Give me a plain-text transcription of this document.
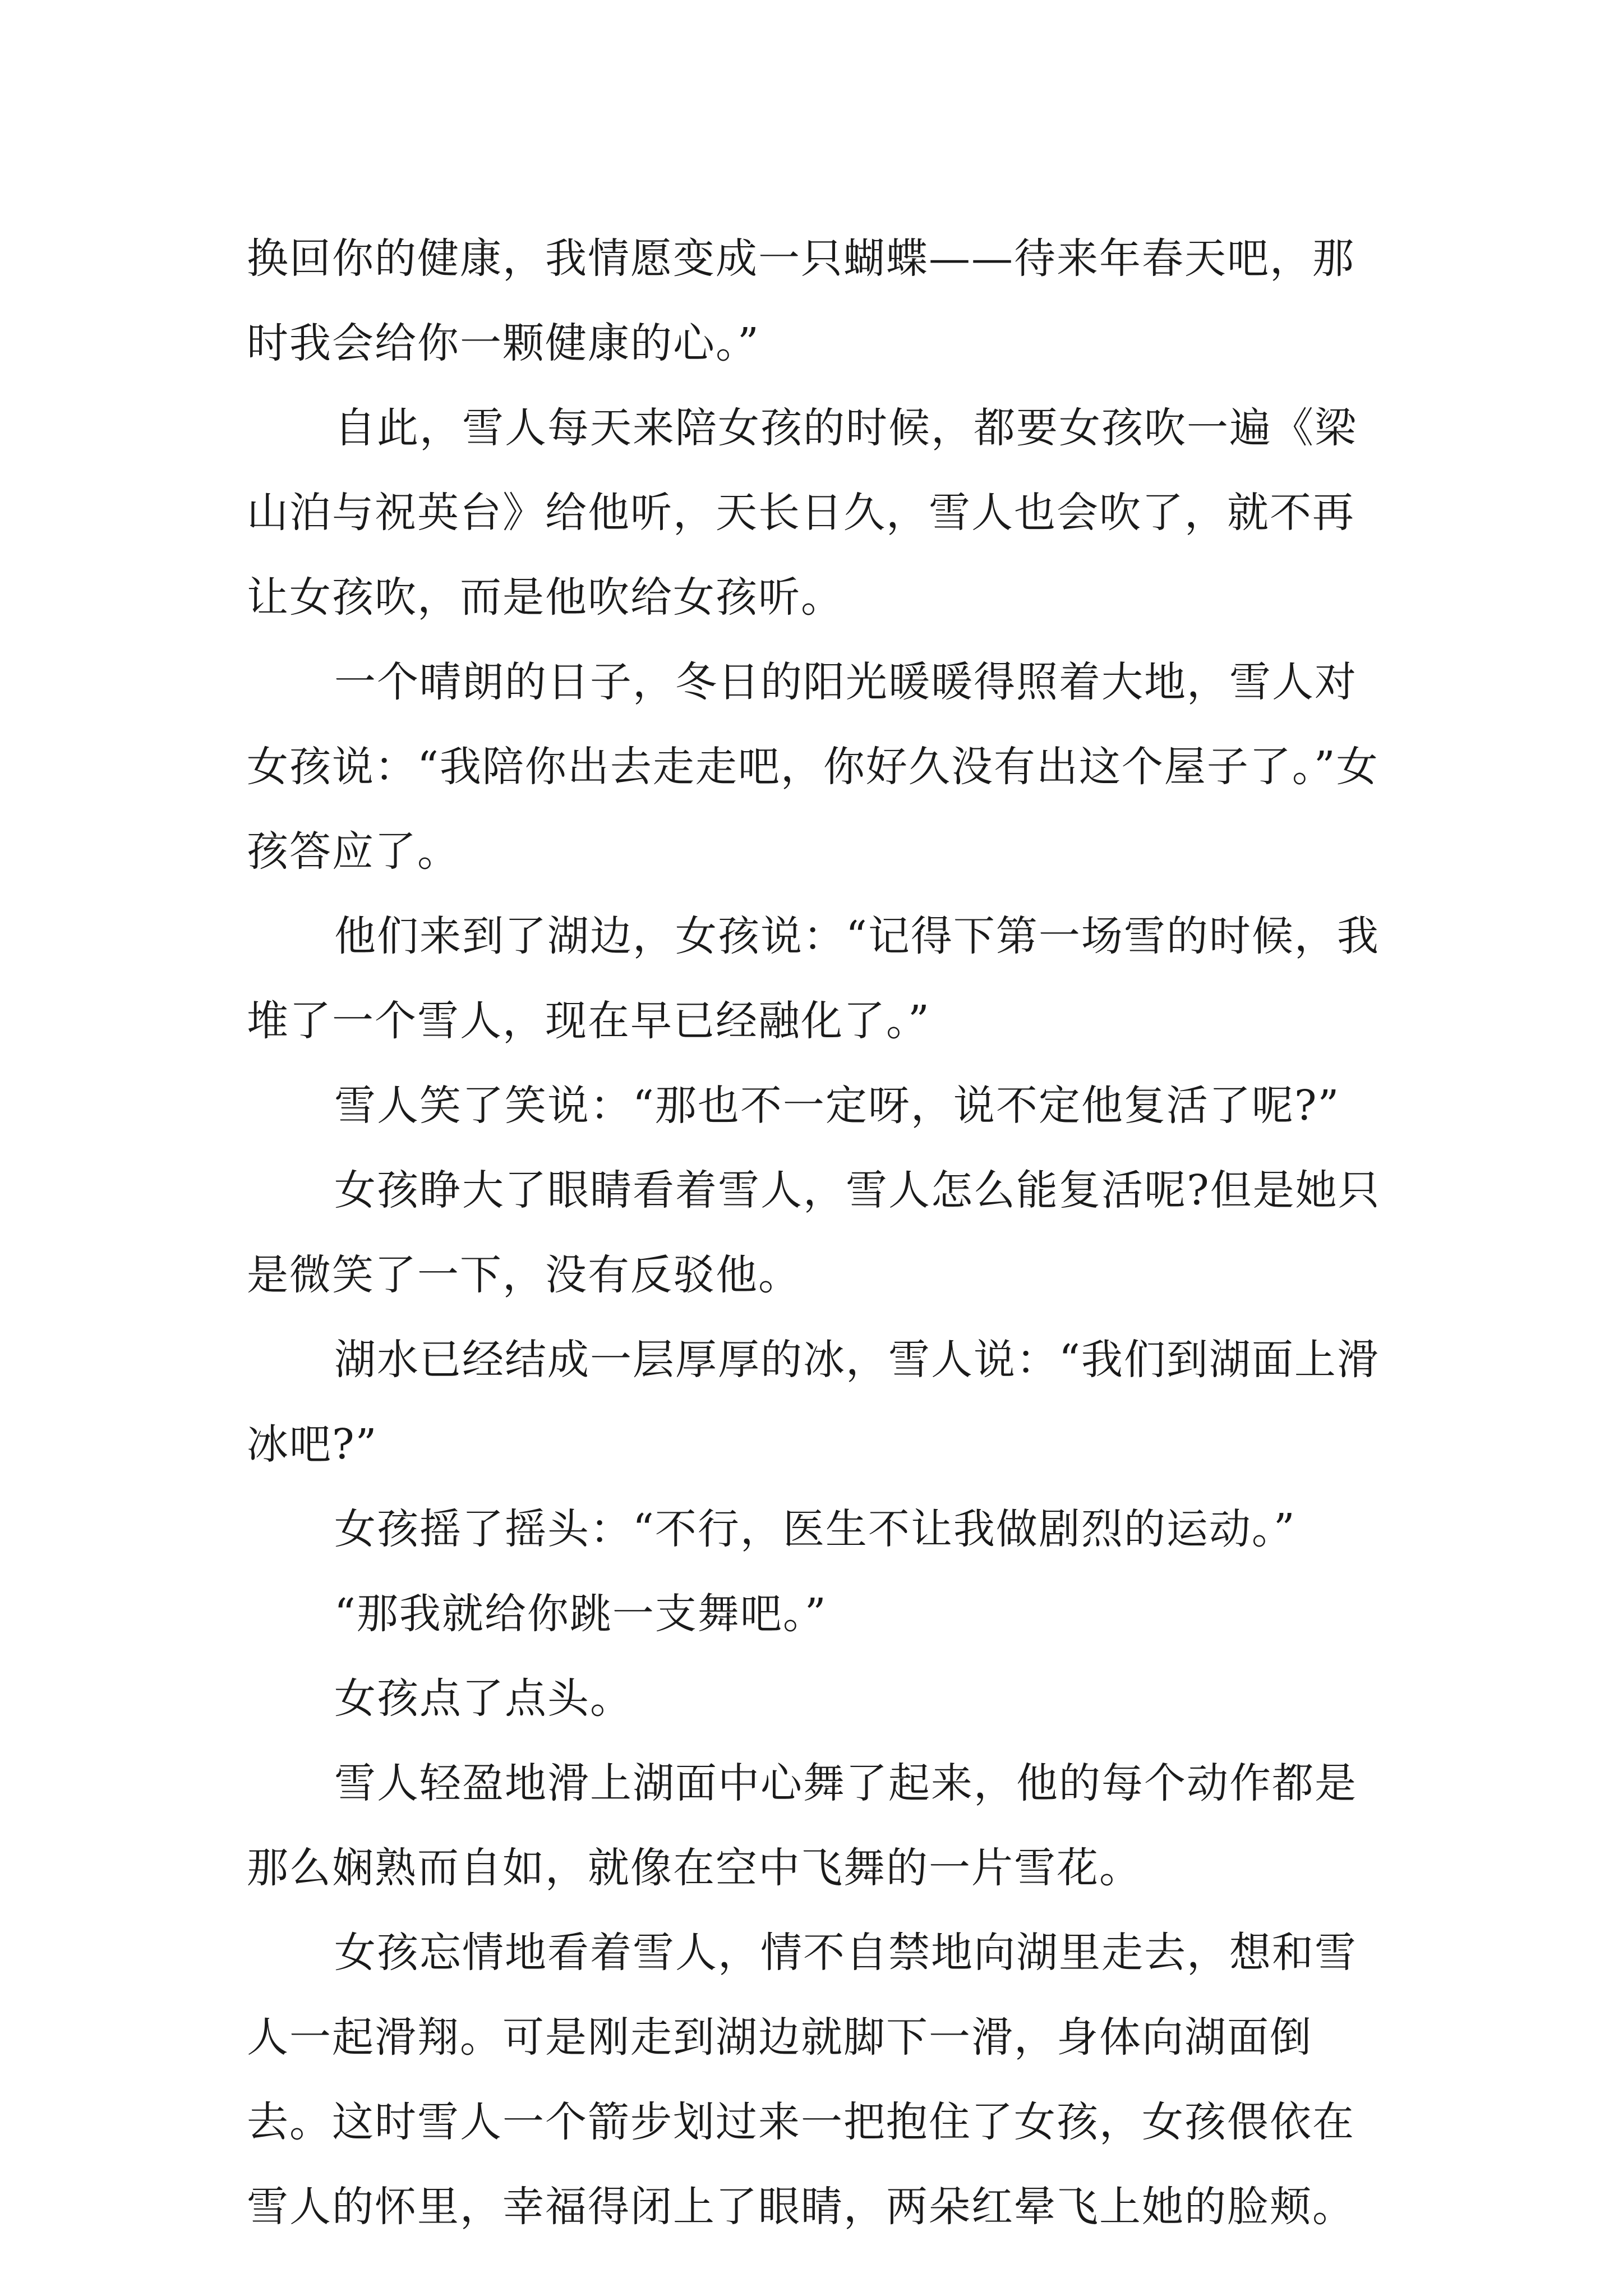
换回你的健康，我情愿变成一只蝴蝶——待来年春天吧，那时我会给你一颗健康的心。”

自此，雪人每天来陪女孩的时候，都要女孩吹一遍《梁山泊与祝英台》给他听，天长日久，雪人也会吹了，就不再让女孩吹，而是他吹给女孩听。

一个晴朗的日子，冬日的阳光暖暖得照着大地，雪人对女孩说：“我陪你出去走走吧，你好久没有出这个屋子了。”女孩答应了。

他们来到了湖边，女孩说：“记得下第一场雪的时候，我堆了一个雪人，现在早已经融化了。”

雪人笑了笑说：“那也不一定呀，说不定他复活了呢?”

女孩睁大了眼睛看着雪人，雪人怎么能复活呢?但是她只是微笑了一下，没有反驳他。

湖水已经结成一层厚厚的冰，雪人说：“我们到湖面上滑冰吧?”

女孩摇了摇头：“不行，医生不让我做剧烈的运动。”

“那我就给你跳一支舞吧。”

女孩点了点头。

雪人轻盈地滑上湖面中心舞了起来，他的每个动作都是那么娴熟而自如，就像在空中飞舞的一片雪花。

女孩忘情地看着雪人，情不自禁地向湖里走去，想和雪人一起滑翔。可是刚走到湖边就脚下一滑，身体向湖面倒去。这时雪人一个箭步划过来一把抱住了女孩，女孩偎依在雪人的怀里，幸福得闭上了眼睛，两朵红晕飞上她的脸颊。
